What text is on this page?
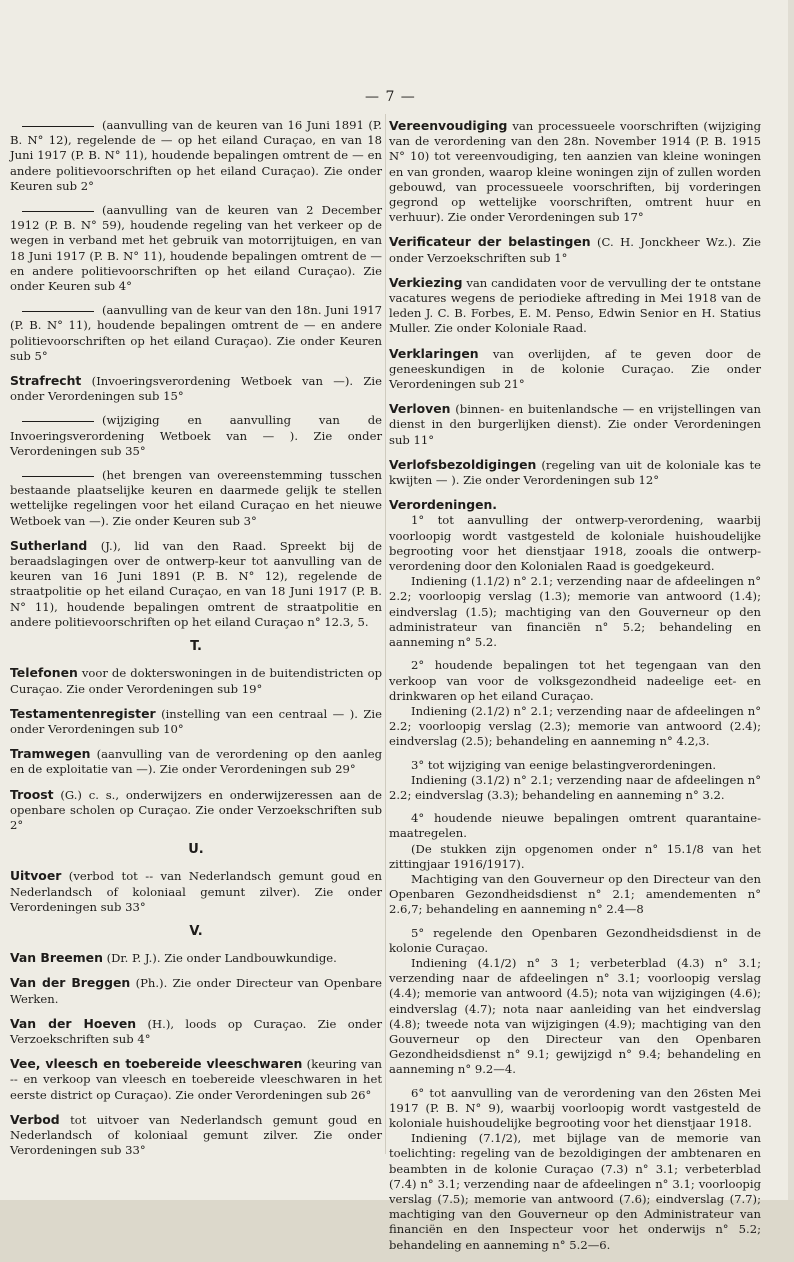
— 7 —

(aanvulling van de keuren van 16 Juni 1891 (P. B. N° 12), regelende de — op het eiland Curaçao, en van 18 Juni 1917 (P. B. N° 11), houdende bepalingen omtrent de — en andere politievoorschriften op het eiland Curaçao). Zie onder Keuren sub 2°

(aanvulling van de keuren van 2 December 1912 (P. B. N° 59), houdende regeling van het verkeer op de wegen in verband met het gebruik van motorrijtuigen, en van 18 Juni 1917 (P. B. N° 11), houdende bepalingen omtrent de — en andere politievoorschriften op het eiland Curaçao). Zie onder Keuren sub 4°

(aanvulling van de keur van den 18n. Juni 1917 (P. B. N° 11), houdende bepalingen omtrent de — en andere politievoorschriften op het eiland Curaçao). Zie onder Keuren sub 5°

Strafrecht (Invoeringsverordening Wetboek van —). Zie onder Verordeningen sub 15°

(wijziging en aanvulling van de Invoeringsverordening Wetboek van — ). Zie onder Verordeningen sub 35°

(het brengen van overeenstemming tusschen bestaande plaatselijke keuren en daarmede gelijk te stellen wettelijke regelingen voor het eiland Curaçao en het nieuwe Wetboek van —). Zie onder Keuren sub 3°

Sutherland (J.), lid van den Raad. Spreekt bij de beraadslagingen over de ontwerp-keur tot aanvulling van de keuren van 16 Juni 1891 (P. B. N° 12), regelende de straatpolitie op het eiland Curaçao, en van 18 Juni 1917 (P. B. N° 11), houdende bepalingen omtrent de straatpolitie en andere politievoorschriften op het eiland Curaçao n° 12.3, 5.

T.

Telefonen voor de dokterswoningen in de buitendistricten op Curaçao. Zie onder Verordeningen sub 19°

Testamentenregister (instelling van een centraal — ). Zie onder Verordeningen sub 10°

Tramwegen (aanvulling van de verordening op den aanleg en de exploitatie van —). Zie onder Verordeningen sub 29°

Troost (G.) c. s., onderwijzers en onderwijzeressen aan de openbare scholen op Curaçao. Zie onder Verzoekschriften sub 2°

U.

Uitvoer (verbod tot -- van Nederlandsch gemunt goud en Nederlandsch of koloniaal gemunt zilver). Zie onder Verordeningen sub 33°

V.

Van Breemen (Dr. P. J.). Zie onder Landbouwkundige.

Van der Breggen (Ph.). Zie onder Directeur van Openbare Werken.

Van der Hoeven (H.), loods op Curaçao. Zie onder Verzoekschriften sub 4°

Vee, vleesch en toebereide vleeschwaren (keuring van -- en verkoop van vleesch en toebereide vleeschwaren in het eerste district op Curaçao). Zie onder Verordeningen sub 26°

Verbod tot uitvoer van Nederlandsch gemunt goud en Nederlandsch of koloniaal gemunt zilver. Zie onder Verordeningen sub 33°

Vereenvoudiging van processueele voorschriften (wijziging van de verordening van den 28n. November 1914 (P. B. 1915 N° 10) tot vereenvoudiging, ten aanzien van kleine woningen en van gronden, waarop kleine woningen zijn of zullen worden gebouwd, van processueele voorschriften, bij vorderingen gegrond op wettelijke voorschriften, omtrent huur en verhuur). Zie onder Verordeningen sub 17°

Verificateur der belastingen (C. H. Jonckheer Wz.). Zie onder Verzoekschriften sub 1°

Verkiezing van candidaten voor de vervulling der te ontstane vacatures wegens de periodieke aftreding in Mei 1918 van de leden J. C. B. Forbes, E. M. Penso, Edwin Senior en H. Statius Muller. Zie onder Koloniale Raad.

Verklaringen van overlijden, af te geven door de geneeskundigen in de kolonie Curaçao. Zie onder Verordeningen sub 21°

Verloven (binnen- en buitenlandsche — en vrijstellingen van dienst in den burgerlijken dienst). Zie onder Verordeningen sub 11°

Verlofsbezoldigingen (regeling van uit de koloniale kas te kwijten — ). Zie onder Verordeningen sub 12°

Verordeningen.

1° tot aanvulling der ontwerp-verordening, waarbij voorloopig wordt vastgesteld de koloniale huishoudelijke begrooting voor het dienstjaar 1918, zooals die ontwerp-verordening door den Kolonialen Raad is goedgekeurd.

Indiening (1.1/2) n° 2.1; verzending naar de afdeelingen n° 2.2; voorloopig verslag (1.3); memorie van antwoord (1.4); eindverslag (1.5); machtiging van den Gouverneur op den administrateur van financiën n° 5.2; behandeling en aanneming n° 5.2.

2° houdende bepalingen tot het tegengaan van den verkoop van voor de volksgezondheid nadeelige eet- en drinkwaren op het eiland Curaçao.

Indiening (2.1/2) n° 2.1; verzending naar de afdeelingen n° 2.2; voorloopig verslag (2.3); memorie van antwoord (2.4); eindverslag (2.5); behandeling en aanneming n° 4.2,3.

3° tot wijziging van eenige belastingverordeningen.

Indiening (3.1/2) n° 2.1; verzending naar de afdeelingen n° 2.2; eindverslag (3.3); behandeling en aanneming n° 3.2.

4° houdende nieuwe bepalingen omtrent quarantaine-maatregelen.

(De stukken zijn opgenomen onder n° 15.1/8 van het zittingjaar 1916/1917).

Machtiging van den Gouverneur op den Directeur van den Openbaren Gezondheidsdienst n° 2.1; amendementen n° 2.6,7; behandeling en aanneming n° 2.4—8

5° regelende den Openbaren Gezondheidsdienst in de kolonie Curaçao.

Indiening (4.1/2) n° 3 1; verbeterblad (4.3) n° 3.1; verzending naar de afdeelingen n° 3.1; voorloopig verslag (4.4); memorie van antwoord (4.5); nota van wijzigingen (4.6); eindverslag (4.7); nota naar aanleiding van het eindverslag (4.8); tweede nota van wijzigingen (4.9); machtiging van den Gouverneur op den Directeur van den Openbaren Gezondheidsdienst n° 9.1; gewijzigd n° 9.4; behandeling en aanneming n° 9.2—4.

6° tot aanvulling van de verordening van den 26sten Mei 1917 (P. B. N° 9), waarbij voorloopig wordt vastgesteld de koloniale huishoudelijke begrooting voor het dienstjaar 1918.

Indiening (7.1/2), met bijlage van de memorie van toelichting: regeling van de bezoldigingen der ambtenaren en beambten in de kolonie Curaçao (7.3) n° 3.1; verbeterblad (7.4) n° 3.1; verzending naar de afdeelingen n° 3.1; voorloopig verslag (7.5); memorie van antwoord (7.6); eindverslag (7.7); machtiging van den Gouverneur op den Administrateur van financiën en den Inspecteur voor het onderwijs n° 5.2; behandeling en aanneming n° 5.2—6.
